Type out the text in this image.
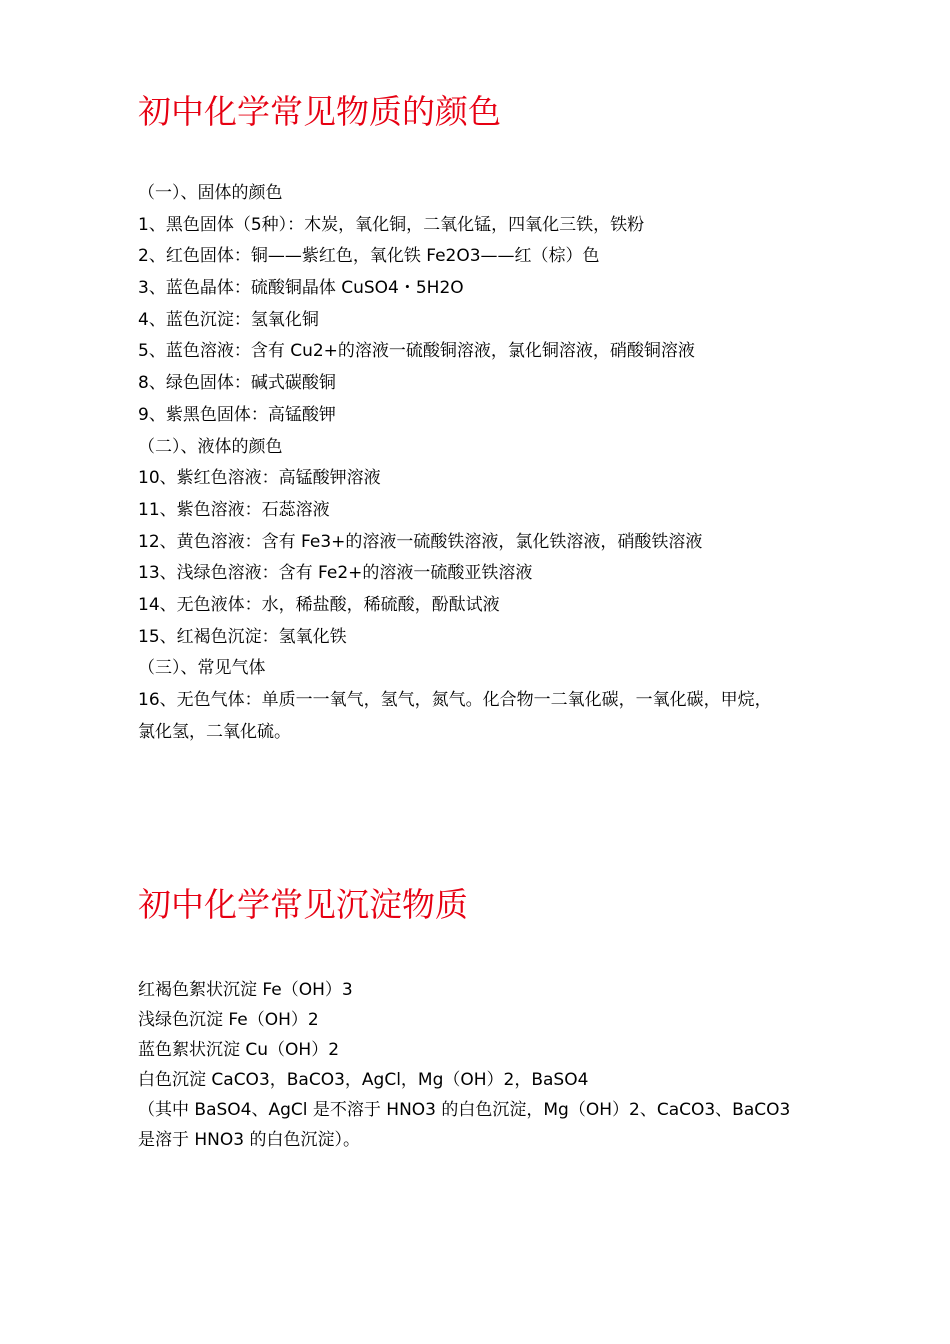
初中化学常见物质的颜色
（一）、固体的颜色
1、黑色固体（5种）：木炭，氧化铜，二氧化锰，四氧化三铁，铁粉
2、红色固体：铜——紫红色，氧化铁 Fe2O3——红（棕）色
3、蓝色晶体：硫酸铜晶体 CuSO4・5H2O
4、蓝色沉淀：氢氧化铜
5、蓝色溶液：含有 Cu2+的溶液一硫酸铜溶液，氯化铜溶液，硝酸铜溶液
8、绿色固体：碱式碳酸铜
9、紫黑色固体：高锰酸钾
（二）、液体的颜色
10、紫红色溶液：高锰酸钾溶液
11、紫色溶液：石蕊溶液
12、黄色溶液：含有 Fe3+的溶液一硫酸铁溶液，氯化铁溶液，硝酸铁溶液
13、浅绿色溶液：含有 Fe2+的溶液一硫酸亚铁溶液
14、无色液体：水，稀盐酸，稀硫酸，酚酞试液
15、红褐色沉淀：氢氧化铁
（三）、常见气体
16、无色气体：单质一一氧气，氢气，氮气。化合物一二氧化碳，一氧化碳，甲烷，
氯化氢，二氧化硫。
初中化学常见沉淀物质
红褐色絮状沉淀 Fe（OH）3
浅绿色沉淀 Fe（OH）2
蓝色絮状沉淀 Cu（OH）2
白色沉淀 CaCO3，BaCO3，AgCl，Mg（OH）2，BaSO4
（其中 BaSO4、AgCl 是不溶于 HNO3 的白色沉淀，Mg（OH）2、CaCO3、BaCO3
是溶于 HNO3 的白色沉淀）。
